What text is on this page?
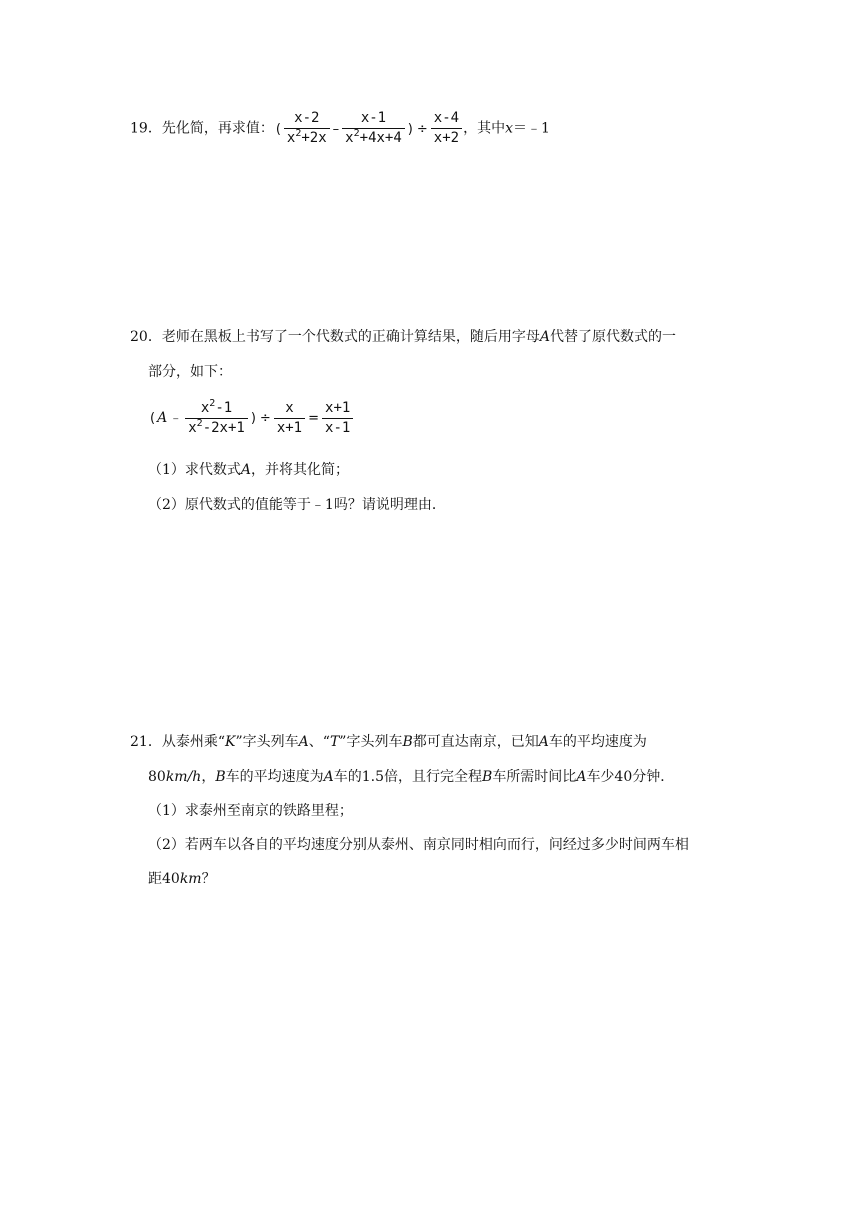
19．先化简，再求值： ( $\frac{x-2}{x^2+2x} - \frac{x-1}{x^2+4x+4}$ ) ÷ $\frac{x-4}{x+2}$ ，其中x＝﹣1
20．老师在黑板上书写了一个代数式的正确计算结果，随后用字母A代替了原代数式的一
部分，如下：
( A ﹣ $\frac{x^2-1}{x^2-2x+1}$ ) ÷ $\frac{x}{x+1} = \frac{x+1}{x-1}$
（1）求代数式A，并将其化简；
（2）原代数式的值能等于﹣1吗？请说明理由．
21．从泰州乘“K”字头列车A、“T”字头列车B都可直达南京，已知A车的平均速度为
80km/h，B车的平均速度为A车的1.5倍，且行完全程B车所需时间比A车少40分钟．
（1）求泰州至南京的铁路里程；
（2）若两车以各自的平均速度分别从泰州、南京同时相向而行，问经过多少时间两车相
距40km？
